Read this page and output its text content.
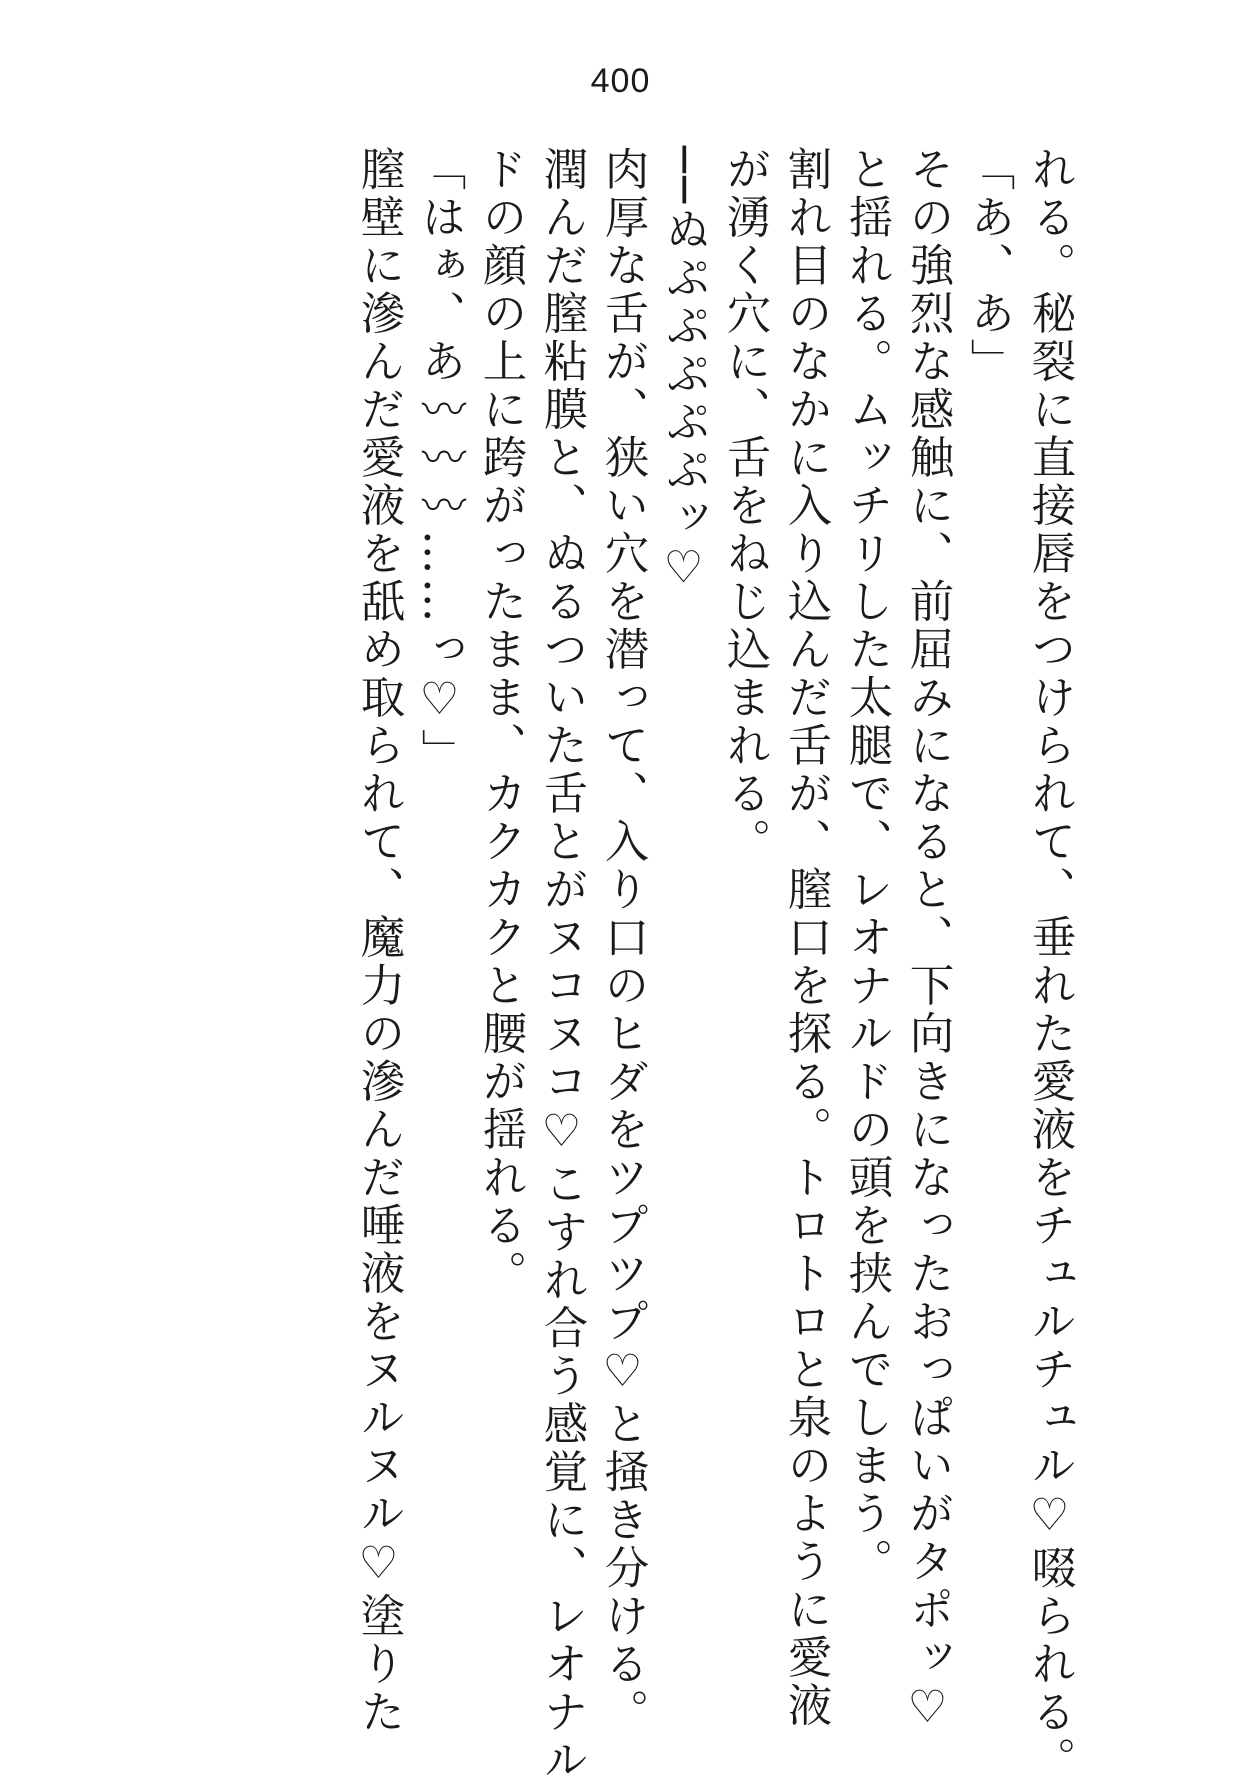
400

れる。秘裂に直接唇をつけられて、垂れた愛液をチュルチュル♡啜られる。

「あ、あ」

その強烈な感触に、前屈みになると、下向きになったおっぱいがタポッ♡

と揺れる。ムッチリした太腿で、レオナルドの頭を挟んでしまう。

割れ目のなかに入り込んだ舌が、膣口を探る。トロトロと泉のように愛液

が湧く穴に、舌をねじ込まれる。

──ぬぷぷぷぷぷッ♡

肉厚な舌が、狭い穴を潜って、入り口のヒダをツプツプ♡と掻き分ける。

潤んだ膣粘膜と、ぬるついた舌とがヌコヌコ♡こすれ合う感覚に、レオナル

ドの顔の上に跨がったまま、カクカクと腰が揺れる。

「はぁ、あ〰〰〰……っ♡」

膣壁に滲んだ愛液を舐め取られて、魔力の滲んだ唾液をヌルヌル♡塗りた
